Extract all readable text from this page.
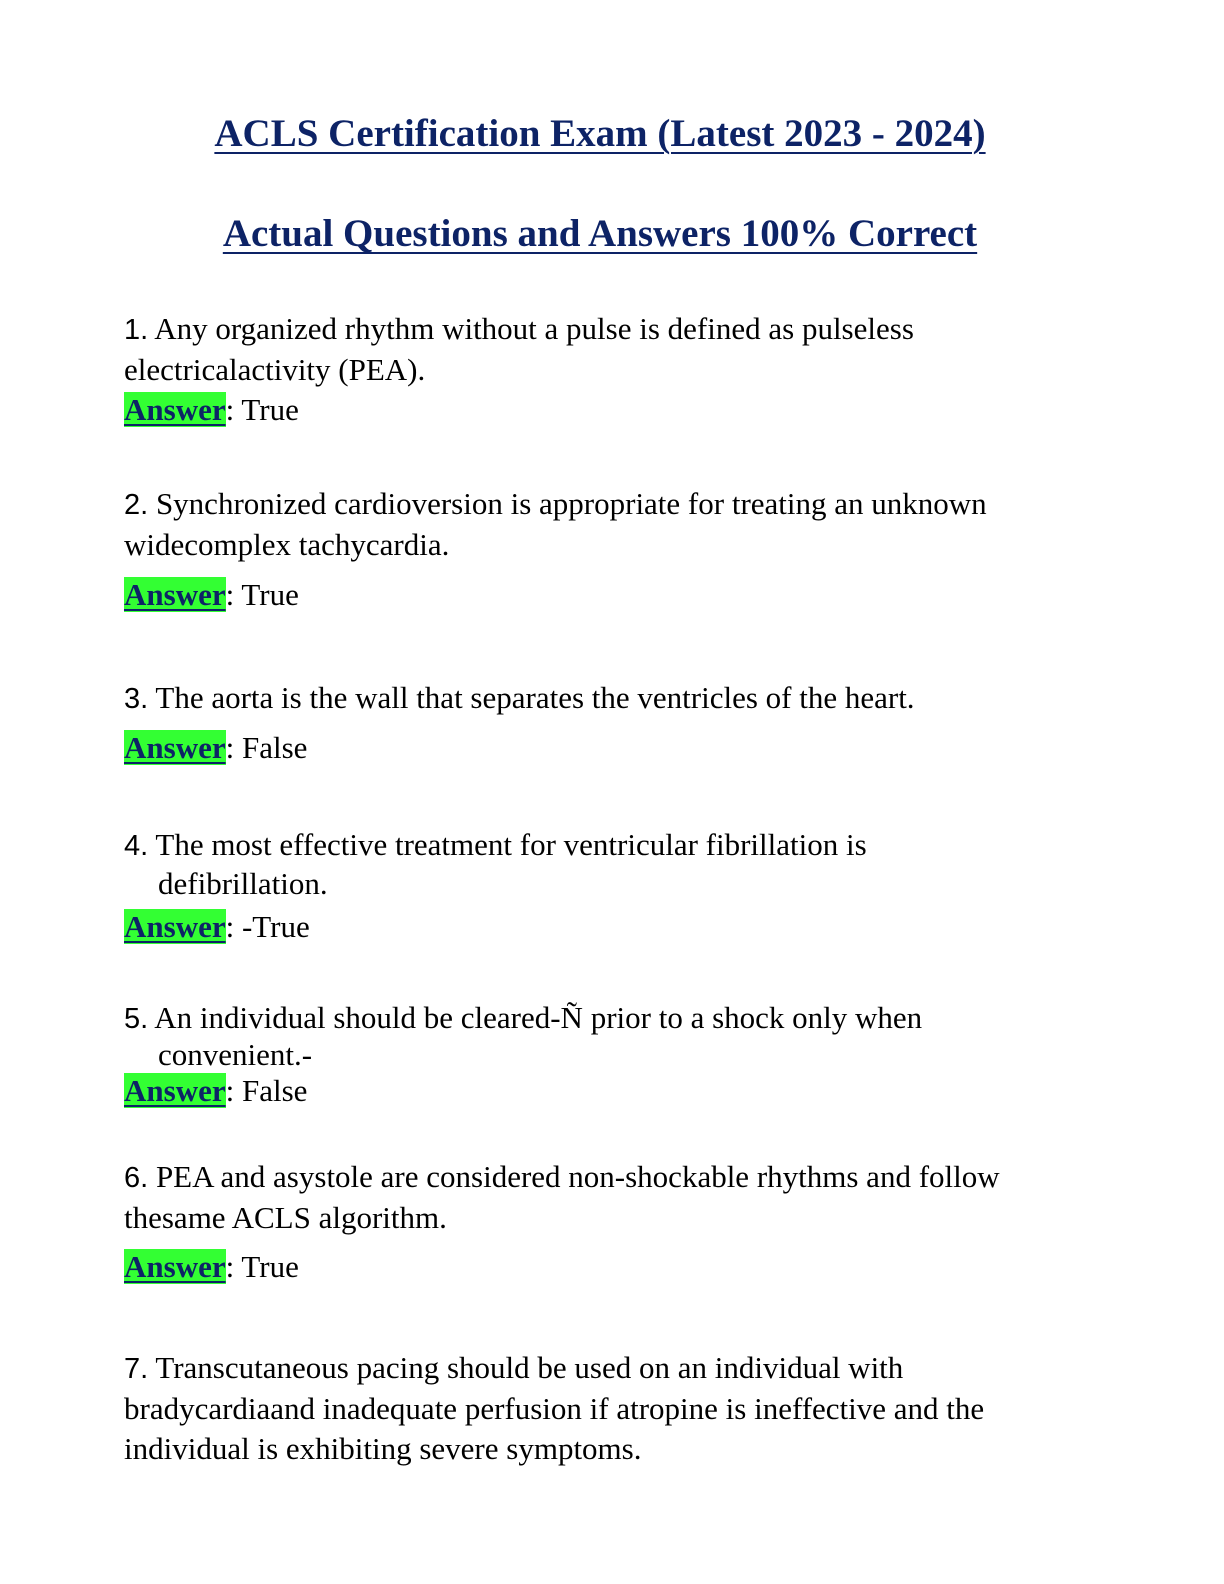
ACLS Certification Exam (Latest 2023 - 2024)
Actual Questions and Answers 100% Correct
1. Any organized rhythm without a pulse is defined as pulseless electricalactivity (PEA).
Answer: True
2. Synchronized cardioversion is appropriate for treating an unknown widecomplex tachycardia.
Answer: True
3. The aorta is the wall that separates the ventricles of the heart.
Answer: False
4. The most effective treatment for ventricular fibrillation is
defibrillation.
Answer: -True
5. An individual should be cleared-Ñ prior to a shock only when
convenient.-
Answer: False
6. PEA and asystole are considered non-shockable rhythms and follow thesame ACLS algorithm.
Answer: True
7. Transcutaneous pacing should be used on an individual with bradycardiaand inadequate perfusion if atropine is ineffective and the individual is exhibiting severe symptoms.
